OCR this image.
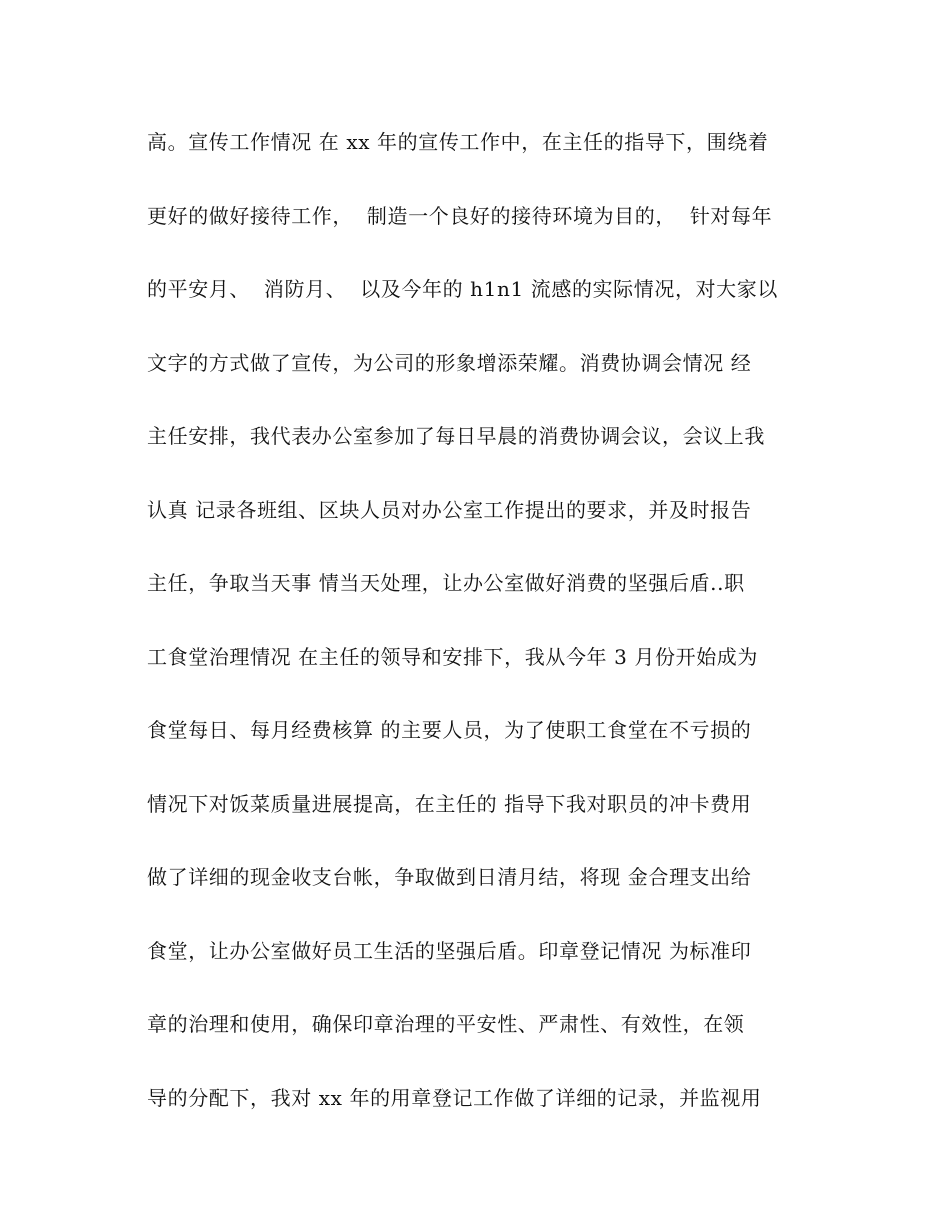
高。宣传工作情况 在 xx 年的宣传工作中，在主任的指导下，围绕着
更好的做好接待工作，  制造一个良好的接待环境为目的，  针对每年
的平安月、  消防月、  以及今年的 h1n1 流感的实际情况，对大家以
文字的方式做了宣传，为公司的形象增添荣耀。消费协调会情况 经
主任安排，我代表办公室参加了每日早晨的消费协调会议，会议上我
认真 记录各班组、区块人员对办公室工作提出的要求，并及时报告
主任，争取当天事 情当天处理，让办公室做好消费的坚强后盾..职
工食堂治理情况 在主任的领导和安排下，我从今年 3 月份开始成为
食堂每日、每月经费核算 的主要人员，为了使职工食堂在不亏损的
情况下对饭菜质量进展提高，在主任的 指导下我对职员的冲卡费用
做了详细的现金收支台帐，争取做到日清月结，将现 金合理支出给
食堂，让办公室做好员工生活的坚强后盾。印章登记情况 为标准印
章的治理和使用，确保印章治理的平安性、严肃性、有效性，在领
导的分配下，我对 xx 年的用章登记工作做了详细的记录，并监视用
